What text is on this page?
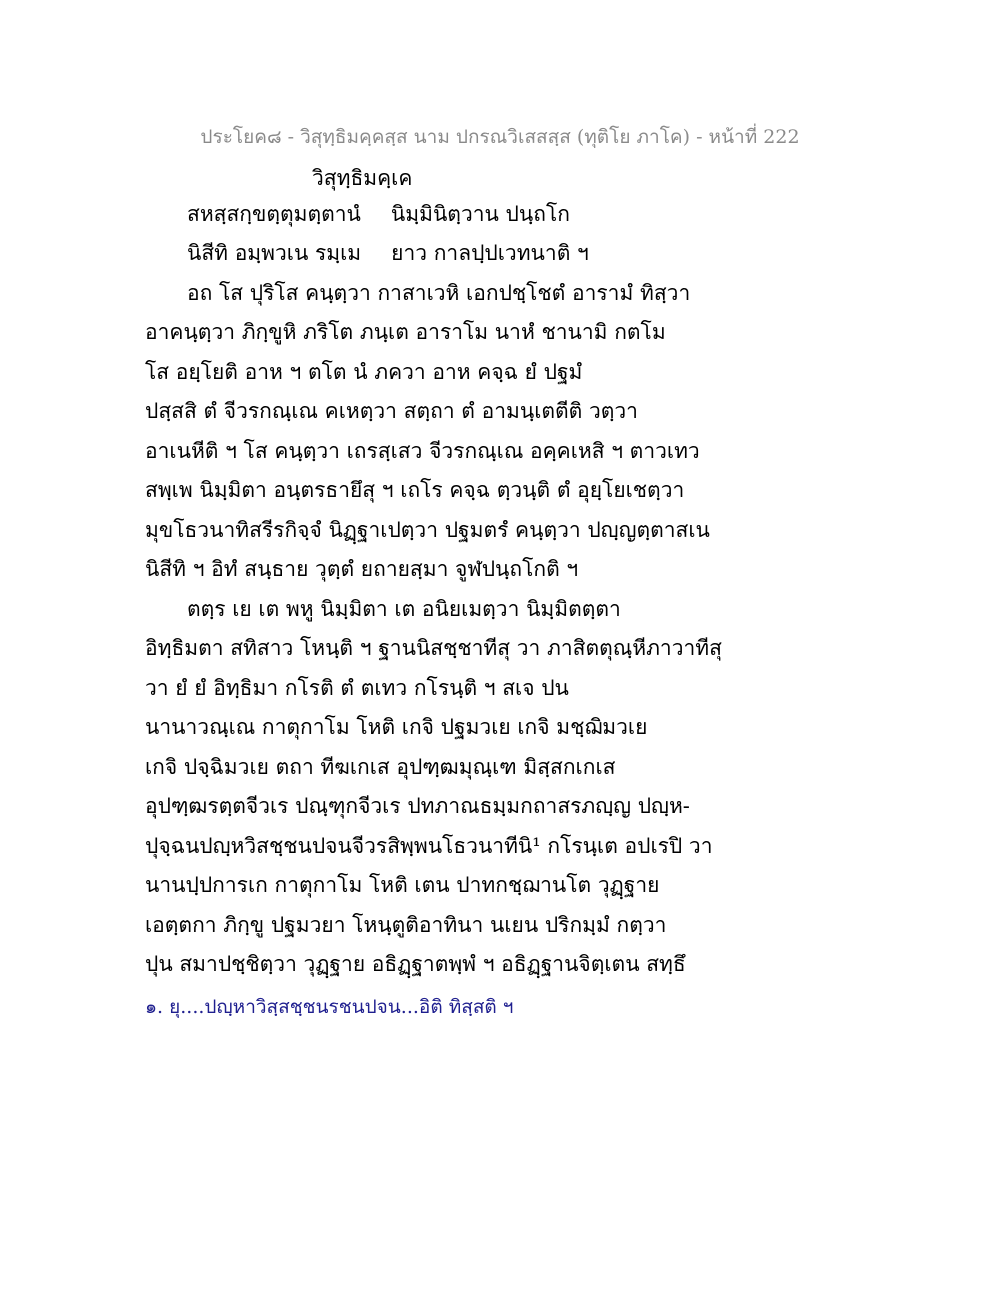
ประโยค๘ - วิสุทฺธิมคฺคสฺส นาม ปกรณวิเสสสฺส (ทุติโย ภาโค) - หน้าที่ 222
วิสุทฺธิมคฺเค
สหสฺสกฺขตฺตุมตฺตานํ นิมฺมินิตฺวาน ปนฺถโก
นิสีทิ อมฺพวเน รมฺเม ยาว กาลปฺปเวทนาติ ฯ
อถ โส ปุริโส คนฺตฺวา กาสาเวหิ เอกปชฺโชตํ อารามํ ทิสฺวา
อาคนฺตฺวา ภิกฺขูหิ ภริโต ภนฺเต อาราโม นาหํ ชานามิ กตโม
โส อยฺโยติ อาห ฯ ตโต นํ ภควา อาห คจฺฉ ยํ ปฐมํ
ปสฺสสิ ตํ จีวรกณฺเณ คเหตฺวา สตฺถา ตํ อามนฺเตตีติ วตฺวา
อาเนหีติ ฯ โส คนฺตฺวา เถรสฺเสว จีวรกณฺเณ อคฺคเหสิ ฯ ตาวเทว
สพฺเพ นิมฺมิตา อนฺตรธายึสุ ฯ เถโร คจฺฉ ตฺวนฺติ ตํ อุยฺโยเชตฺวา
มุขโธวนาทิสรีรกิจฺจํ นิฏฺฐาเปตฺวา ปฐมตรํ คนฺตฺวา ปญฺญตฺตาสเน
นิสีทิ ฯ อิทํ สนฺธาย วุตฺตํ ยถายสฺมา จูฬปนฺถโกติ ฯ
ตตฺร เย เต พหู นิมฺมิตา เต อนิยเมตฺวา นิมฺมิตตฺตา
อิทฺธิมตา สทิสาว โหนฺติ ฯ ฐานนิสชฺชาทีสุ วา ภาสิตตุณฺหีภาวาทีสุ
วา ยํ ยํ อิทฺธิมา กโรติ ตํ ตเทว กโรนฺติ ฯ สเจ ปน
นานาวณฺเณ กาตุกาโม โหติ เกจิ ปฐมวเย เกจิ มชฺฌิมวเย
เกจิ ปจฺฉิมวเย ตถา ทีฆเกเส อุปฑฺฒมุณฺเฑ มิสฺสกเกเส
อุปฑฺฒรตฺตจีวเร ปณฺฑุกจีวเร ปทภาณธมฺมกถาสรภญฺญ ปญฺห-
ปุจฺฉนปญฺหวิสชฺชนปจนจีวรสิพฺพนโธวนาทีนิ¹ กโรนฺเต อปเรปิ วา
นานปฺปการเก กาตุกาโม โหติ เตน ปาทกชฺฌานโต วุฏฺฐาย
เอตฺตกา ภิกฺขู ปฐมวยา โหนฺตูติอาทินา นเยน ปริกมฺมํ กตฺวา
ปุน สมาปชฺชิตฺวา วุฏฺฐาย อธิฏฺฐาตพฺพํ ฯ อธิฏฺฐานจิตฺเตน สทฺธึ
๑. ยุ....ปญฺหาวิสฺสชฺชนรชนปจน...อิติ ทิสฺสติ ฯ
